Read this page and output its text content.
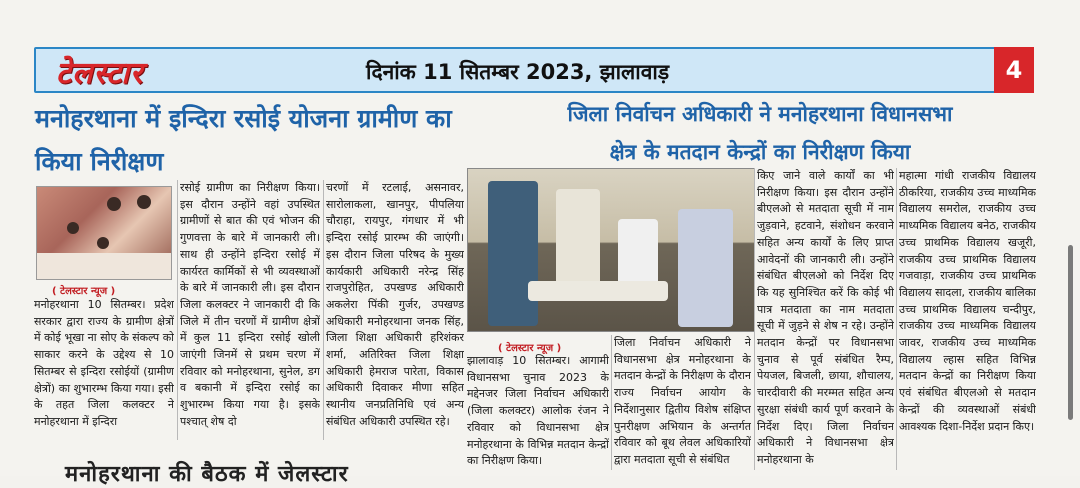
टेलस्टार	दिनांक 11 सितम्बर 2023, झालावाड़	4
मनोहरथाना में इन्दिरा रसोई योजना ग्रामीण का किया निरीक्षण
( टेलस्टार न्यूज )
मनोहरथाना 10 सितम्बर। प्रदेश सरकार द्वारा राज्य के ग्रामीण क्षेत्रों में कोई भूखा ना सोए के संकल्प को साकार करने के उद्देश्य से 10 सितम्बर से इन्दिरा रसोईयों (ग्रामीण क्षेत्रों) का शुभारम्भ किया गया। इसी के तहत जिला कलक्टर ने मनोहरथाना में इन्दिरा
रसोई ग्रामीण का निरीक्षण किया। इस दौरान उन्होंने वहां उपस्थित ग्रामीणों से बात की एवं भोजन की गुणवत्ता के बारे में जानकारी ली। साथ ही उन्होंने इन्दिरा रसोई में कार्यरत कार्मिकों से भी व्यवस्थाओं के बारे में जानकारी ली। इस दौरान जिला कलक्टर ने जानकारी दी कि जिले में तीन चरणों में ग्रामीण क्षेत्रों में कुल 11 इन्दिरा रसोई खोली जाएंगी जिनमें से प्रथम चरण में रविवार को मनोहरथाना, सुनेल, डग व बकानी में इन्दिरा रसोई का शुभारम्भ किया गया है। इसके पश्चात् शेष दो
चरणों में रटलाई, असनावर, सारोलाकला, खानपुर, पीपलिया चौराहा, रायपुर, गंगधार में भी इन्दिरा रसोई प्रारम्भ की जाएंगी। इस दौरान जिला परिषद के मुख्य कार्यकारी अधिकारी नरेन्द्र सिंह राजपुरोहित, उपखण्ड अधिकारी अकलेरा पिंकी गुर्जर, उपखण्ड अधिकारी मनोहरथाना जनक सिंह, जिला शिक्षा अधिकारी हरिशंकर शर्मा, अतिरिक्त जिला शिक्षा अधिकारी हेमराज पारेता, विकास अधिकारी दिवाकर मीणा सहित स्थानीय जनप्रतिनिधि एवं अन्य संबंधित अधिकारी उपस्थित रहे।
जिला निर्वाचन अधिकारी ने मनोहरथाना विधानसभा
क्षेत्र के मतदान केन्द्रों का निरीक्षण किया
( टेलस्टार न्यूज )
झालावाड़ 10 सितम्बर। आगामी विधानसभा चुनाव 2023 के मद्देनजर जिला निर्वाचन अधिकारी (जिला कलक्टर) आलोक रंजन ने रविवार को विधानसभा क्षेत्र मनोहरथाना के विभिन्न मतदान केन्द्रों का निरीक्षण किया।
जिला निर्वाचन अधिकारी ने विधानसभा क्षेत्र मनोहरथाना के मतदान केन्द्रों के निरीक्षण के दौरान राज्य निर्वाचन आयोग के निर्देशानुसार द्वितीय विशेष संक्षिप्त पुनरीक्षण अभियान के अन्तर्गत रविवार को बूथ लेवल अधिकारियों द्वारा मतदाता सूची से संबंधित
किए जाने वाले कार्यों का भी निरीक्षण किया। इस दौरान उन्होंने बीएलओ से मतदाता सूची में नाम जुड़वाने, हटवाने, संशोधन करवाने सहित अन्य कार्यों के लिए प्राप्त आवेदनों की जानकारी ली। उन्होंने संबंधित बीएलओ को निर्देश दिए कि यह सुनिश्चित करें कि कोई भी पात्र मतदाता का नाम मतदाता सूची में जुड़ने से शेष न रहे। उन्होंने मतदान केन्द्रों पर विधानसभा चुनाव से पूर्व संबंधित रैम्प, पेयजल, बिजली, छाया, शौचालय, चारदीवारी की मरम्मत सहित अन्य सुरक्षा संबंधी कार्य पूर्ण करवाने के निर्देश दिए। जिला निर्वाचन अधिकारी ने विधानसभा क्षेत्र मनोहरथाना के
महात्मा गांधी राजकीय विद्यालय ठीकरिया, राजकीय उच्च माध्यमिक विद्यालय समरोल, राजकीय उच्च माध्यमिक विद्यालय बनेठ, राजकीय उच्च प्राथमिक विद्यालय खजूरी, राजकीय उच्च प्राथमिक विद्यालय गजवाड़ा, राजकीय उच्च प्राथमिक विद्यालय सादला, राजकीय बालिका उच्च प्राथमिक विद्यालय चन्दीपुर, राजकीय उच्च माध्यमिक विद्यालय जावर, राजकीय उच्च माध्यमिक विद्यालय ल्हास सहित विभिन्न मतदान केन्द्रों का निरीक्षण किया एवं संबंधित बीएलओ से मतदान केन्द्रों की व्यवस्थाओं संबंधी आवश्यक दिशा-निर्देश प्रदान किए।
मनोहरथाना की बैठक में जेलस्टार
